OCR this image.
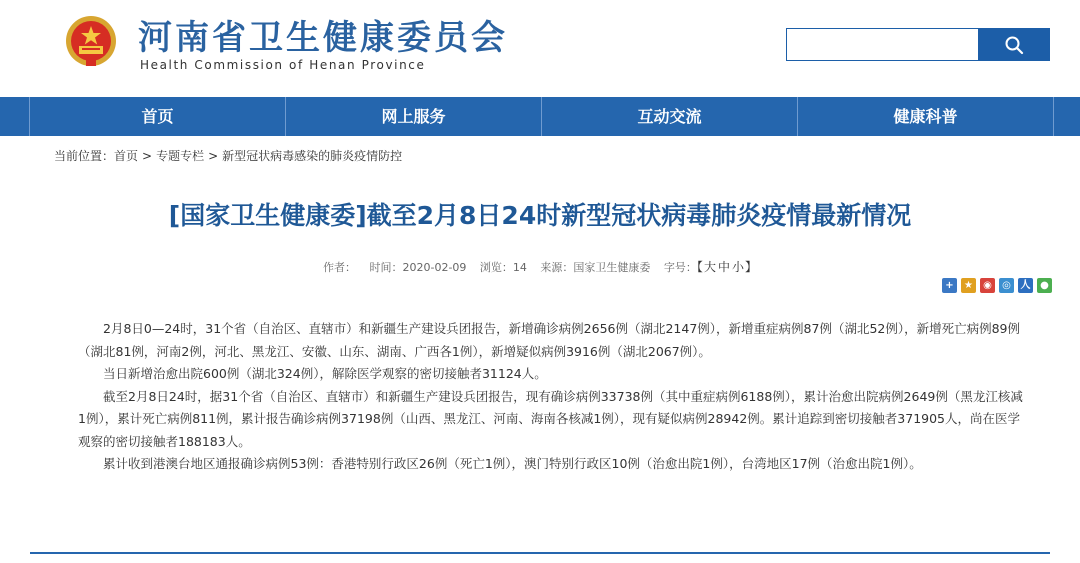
河南省卫生健康委员会
Health Commission of Henan Province
首页	网上服务	互动交流	健康科普
当前位置：首页 > 专题专栏 > 新型冠状病毒感染的肺炎疫情防控
[国家卫生健康委]截至2月8日24时新型冠状病毒肺炎疫情最新情况
作者： 时间：2020-02-09 浏览：14 来源：国家卫生健康委 字号：【大 中 小】
+	★	◉	◎ 人 ●

2月8日0—24时，31个省（自治区、直辖市）和新疆生产建设兵团报告，新增确诊病例2656例（湖北2147例），新增重症病例87例（湖北52例），新增死亡病例89例（湖北81例，河南2例，河北、黑龙江、安徽、山东、湖南、广西各1例），新增疑似病例3916例（湖北2067例）。

当日新增治愈出院600例（湖北324例），解除医学观察的密切接触者31124人。

截至2月8日24时，据31个省（自治区、直辖市）和新疆生产建设兵团报告，现有确诊病例33738例（其中重症病例6188例），累计治愈出院病例2649例（黑龙江核减1例），累计死亡病例811例，累计报告确诊病例37198例（山西、黑龙江、河南、海南各核减1例），现有疑似病例28942例。累计追踪到密切接触者371905人，尚在医学观察的密切接触者188183人。

累计收到港澳台地区通报确诊病例53例：香港特别行政区26例（死亡1例），澳门特别行政区10例（治愈出院1例），台湾地区17例（治愈出院1例）。
